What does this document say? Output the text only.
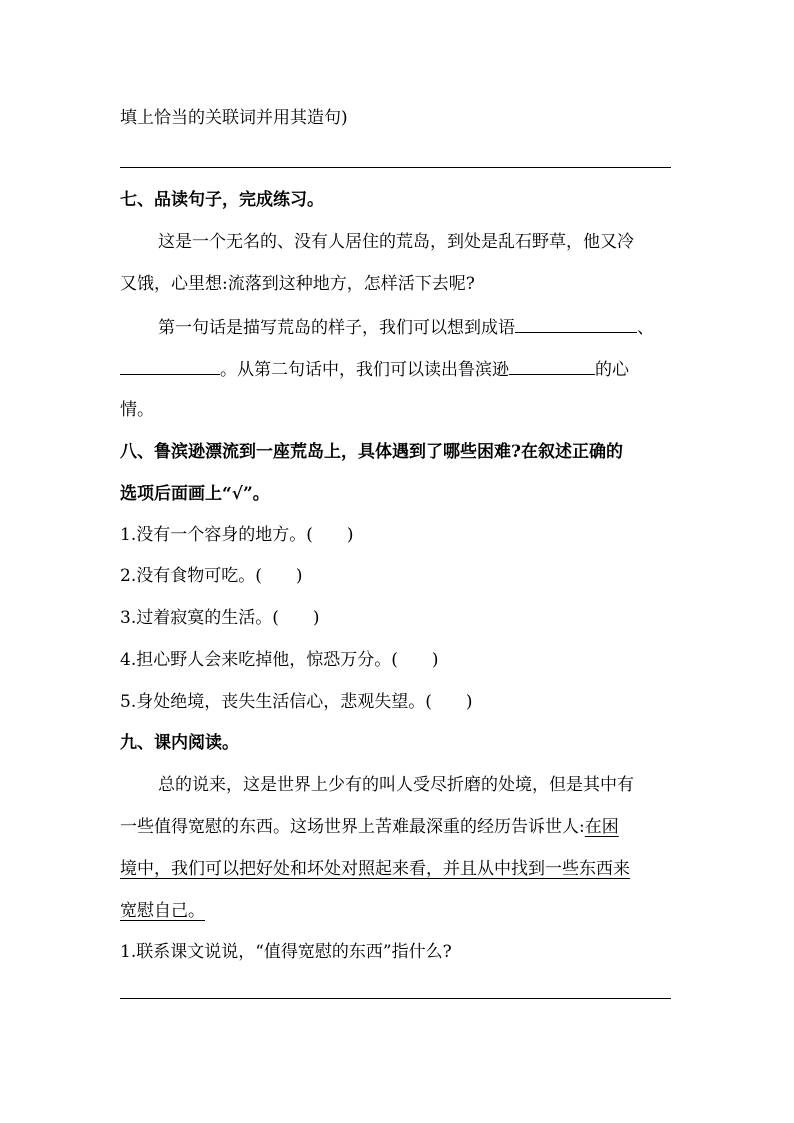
填上恰当的关联词并用其造句)
七、品读句子，完成练习。
这是一个无名的、没有人居住的荒岛，到处是乱石野草，他又冷
又饿，心里想:流落到这种地方，怎样活下去呢?
第一句话是描写荒岛的样子，我们可以想到成语	、
。从第二句话中，我们可以读出鲁滨逊	的心
情。
八、鲁滨逊漂流到一座荒岛上，具体遇到了哪些困难?在叙述正确的
选项后面画上“√”。
1.没有一个容身的地方。(　　)
2.没有食物可吃。(　　)
3.过着寂寞的生活。(　　)
4.担心野人会来吃掉他，惊恐万分。(　　)
5.身处绝境，丧失生活信心，悲观失望。(　　)
九、课内阅读。
总的说来，这是世界上少有的叫人受尽折磨的处境，但是其中有
一些值得宽慰的东西。这场世界上苦难最深重的经历告诉世人:在困
境中，我们可以把好处和坏处对照起来看，并且从中找到一些东西来
宽慰自己。
1.联系课文说说，“值得宽慰的东西”指什么?
